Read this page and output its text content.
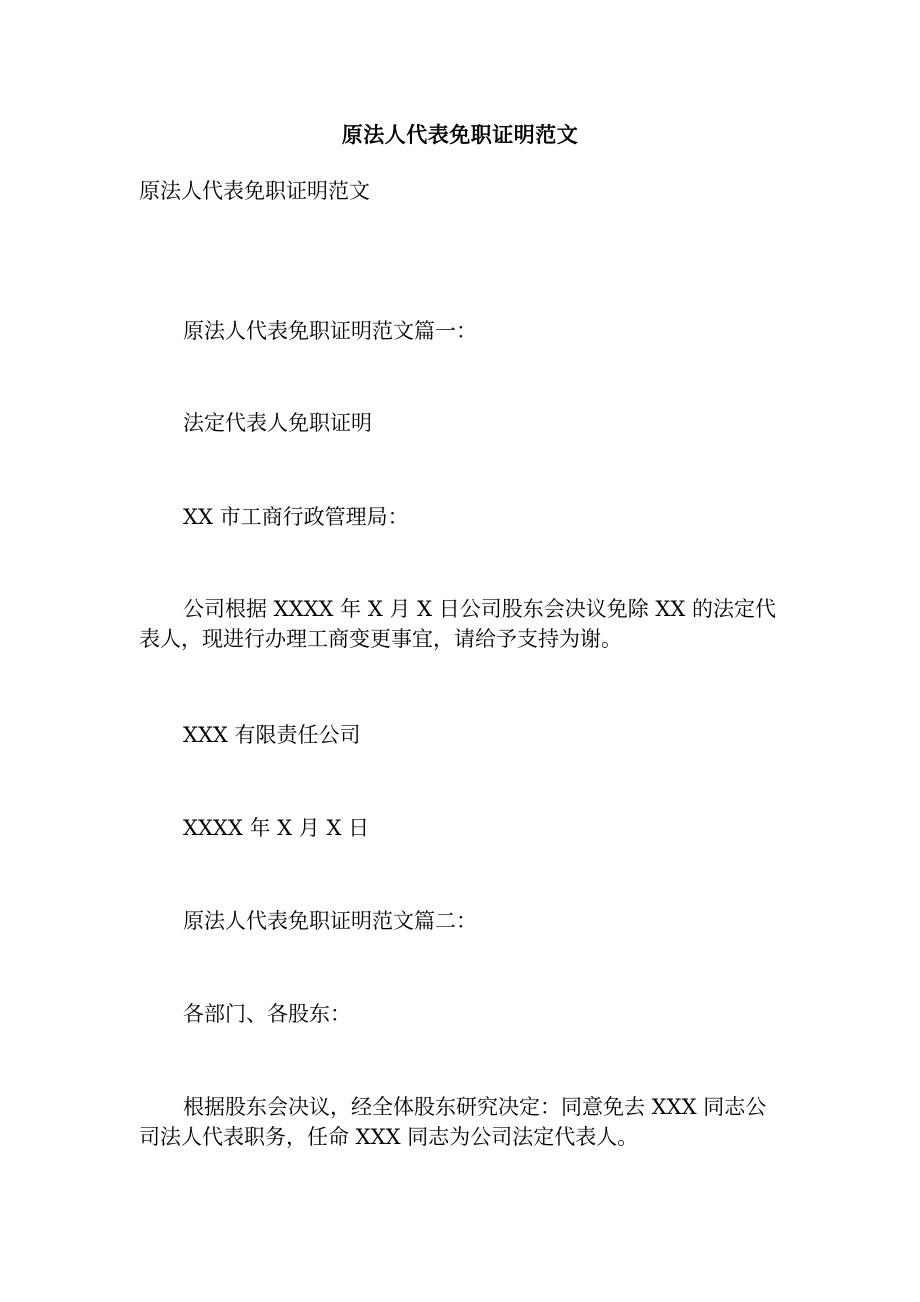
原法人代表免职证明范文

原法人代表免职证明范文

原法人代表免职证明范文篇一：

法定代表人免职证明

XX 市工商行政管理局：

公司根据 XXXX 年 X 月 X 日公司股东会决议免除 XX 的法定代表人，现进行办理工商变更事宜，请给予支持为谢。

XXX 有限责任公司

XXXX 年 X 月 X 日

原法人代表免职证明范文篇二：

各部门、各股东：

根据股东会决议，经全体股东研究决定：同意免去 XXX 同志公司法人代表职务，任命 XXX 同志为公司法定代表人。
